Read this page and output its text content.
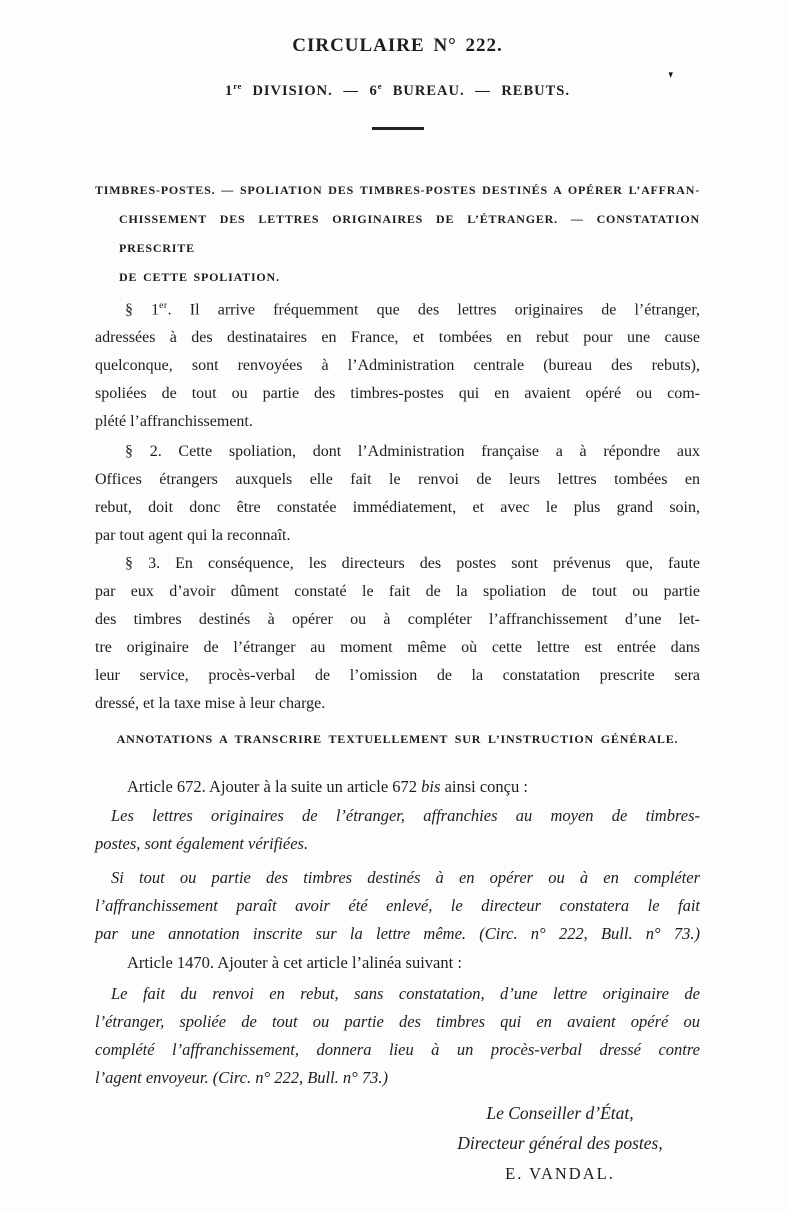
▾
CIRCULAIRE N° 222.
1re DIVISION. — 6e BUREAU. — REBUTS.
TIMBRES-POSTES. — SPOLIATION DES TIMBRES-POSTES DESTINÉS A OPÉRER L’AFFRAN-
CHISSEMENT DES LETTRES ORIGINAIRES DE L’ÉTRANGER. — CONSTATATION PRESCRITE
DE CETTE SPOLIATION.
§ 1er. Il arrive fréquemment que des lettres originaires de l’étranger,
adressées à des destinataires en France, et tombées en rebut pour une cause
quelconque, sont renvoyées à l’Administration centrale (bureau des rebuts),
spoliées de tout ou partie des timbres-postes qui en avaient opéré ou com-
plété l’affranchissement.
§ 2. Cette spoliation, dont l’Administration française a à répondre aux
Offices étrangers auxquels elle fait le renvoi de leurs lettres tombées en
rebut, doit donc être constatée immédiatement, et avec le plus grand soin,
par tout agent qui la reconnaît.
§ 3. En conséquence, les directeurs des postes sont prévenus que, faute
par eux d’avoir dûment constaté le fait de la spoliation de tout ou partie
des timbres destinés à opérer ou à compléter l’affranchissement d’une let-
tre originaire de l’étranger au moment même où cette lettre est entrée dans
leur service, procès-verbal de l’omission de la constatation prescrite sera
dressé, et la taxe mise à leur charge.
ANNOTATIONS A TRANSCRIRE TEXTUELLEMENT SUR L’INSTRUCTION GÉNÉRALE.
Article 672. Ajouter à la suite un article 672 bis ainsi conçu :
Les lettres originaires de l’étranger, affranchies au moyen de timbres-
postes, sont également vérifiées.
Si tout ou partie des timbres destinés à en opérer ou à en compléter
l’affranchissement paraît avoir été enlevé, le directeur constatera le fait
par une annotation inscrite sur la lettre même. (Circ. n° 222, Bull. n° 73.)
Article 1470. Ajouter à cet article l’alinéa suivant :
Le fait du renvoi en rebut, sans constatation, d’une lettre originaire de
l’étranger, spoliée de tout ou partie des timbres qui en avaient opéré ou
complété l’affranchissement, donnera lieu à un procès-verbal dressé contre
l’agent envoyeur. (Circ. n° 222, Bull. n° 73.)
Le Conseiller d’État,
Directeur général des postes,
E. VANDAL.
